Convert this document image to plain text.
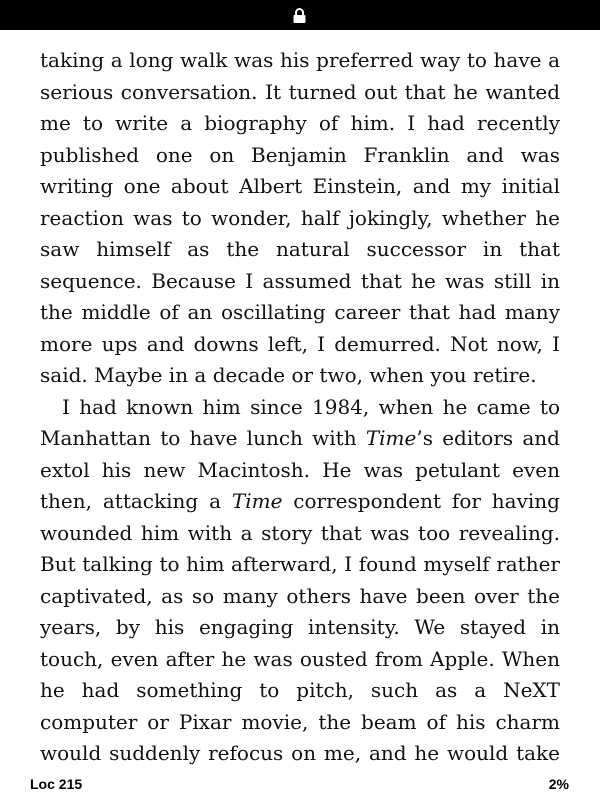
taking a long walk was his preferred way to have a
serious conversation. It turned out that he wanted
me to write a biography of him. I had recently
published one on Benjamin Franklin and was
writing one about Albert Einstein, and my initial
reaction was to wonder, half jokingly, whether he
saw himself as the natural successor in that
sequence. Because I assumed that he was still in
the middle of an oscillating career that had many
more ups and downs left, I demurred. Not now, I
said. Maybe in a decade or two, when you retire.
I had known him since 1984, when he came to
Manhattan to have lunch with Time’s editors and
extol his new Macintosh. He was petulant even
then, attacking a Time correspondent for having
wounded him with a story that was too revealing.
But talking to him afterward, I found myself rather
captivated, as so many others have been over the
years, by his engaging intensity. We stayed in
touch, even after he was ousted from Apple. When
he had something to pitch, such as a NeXT
computer or Pixar movie, the beam of his charm
would suddenly refocus on me, and he would take
Loc 215	2%
